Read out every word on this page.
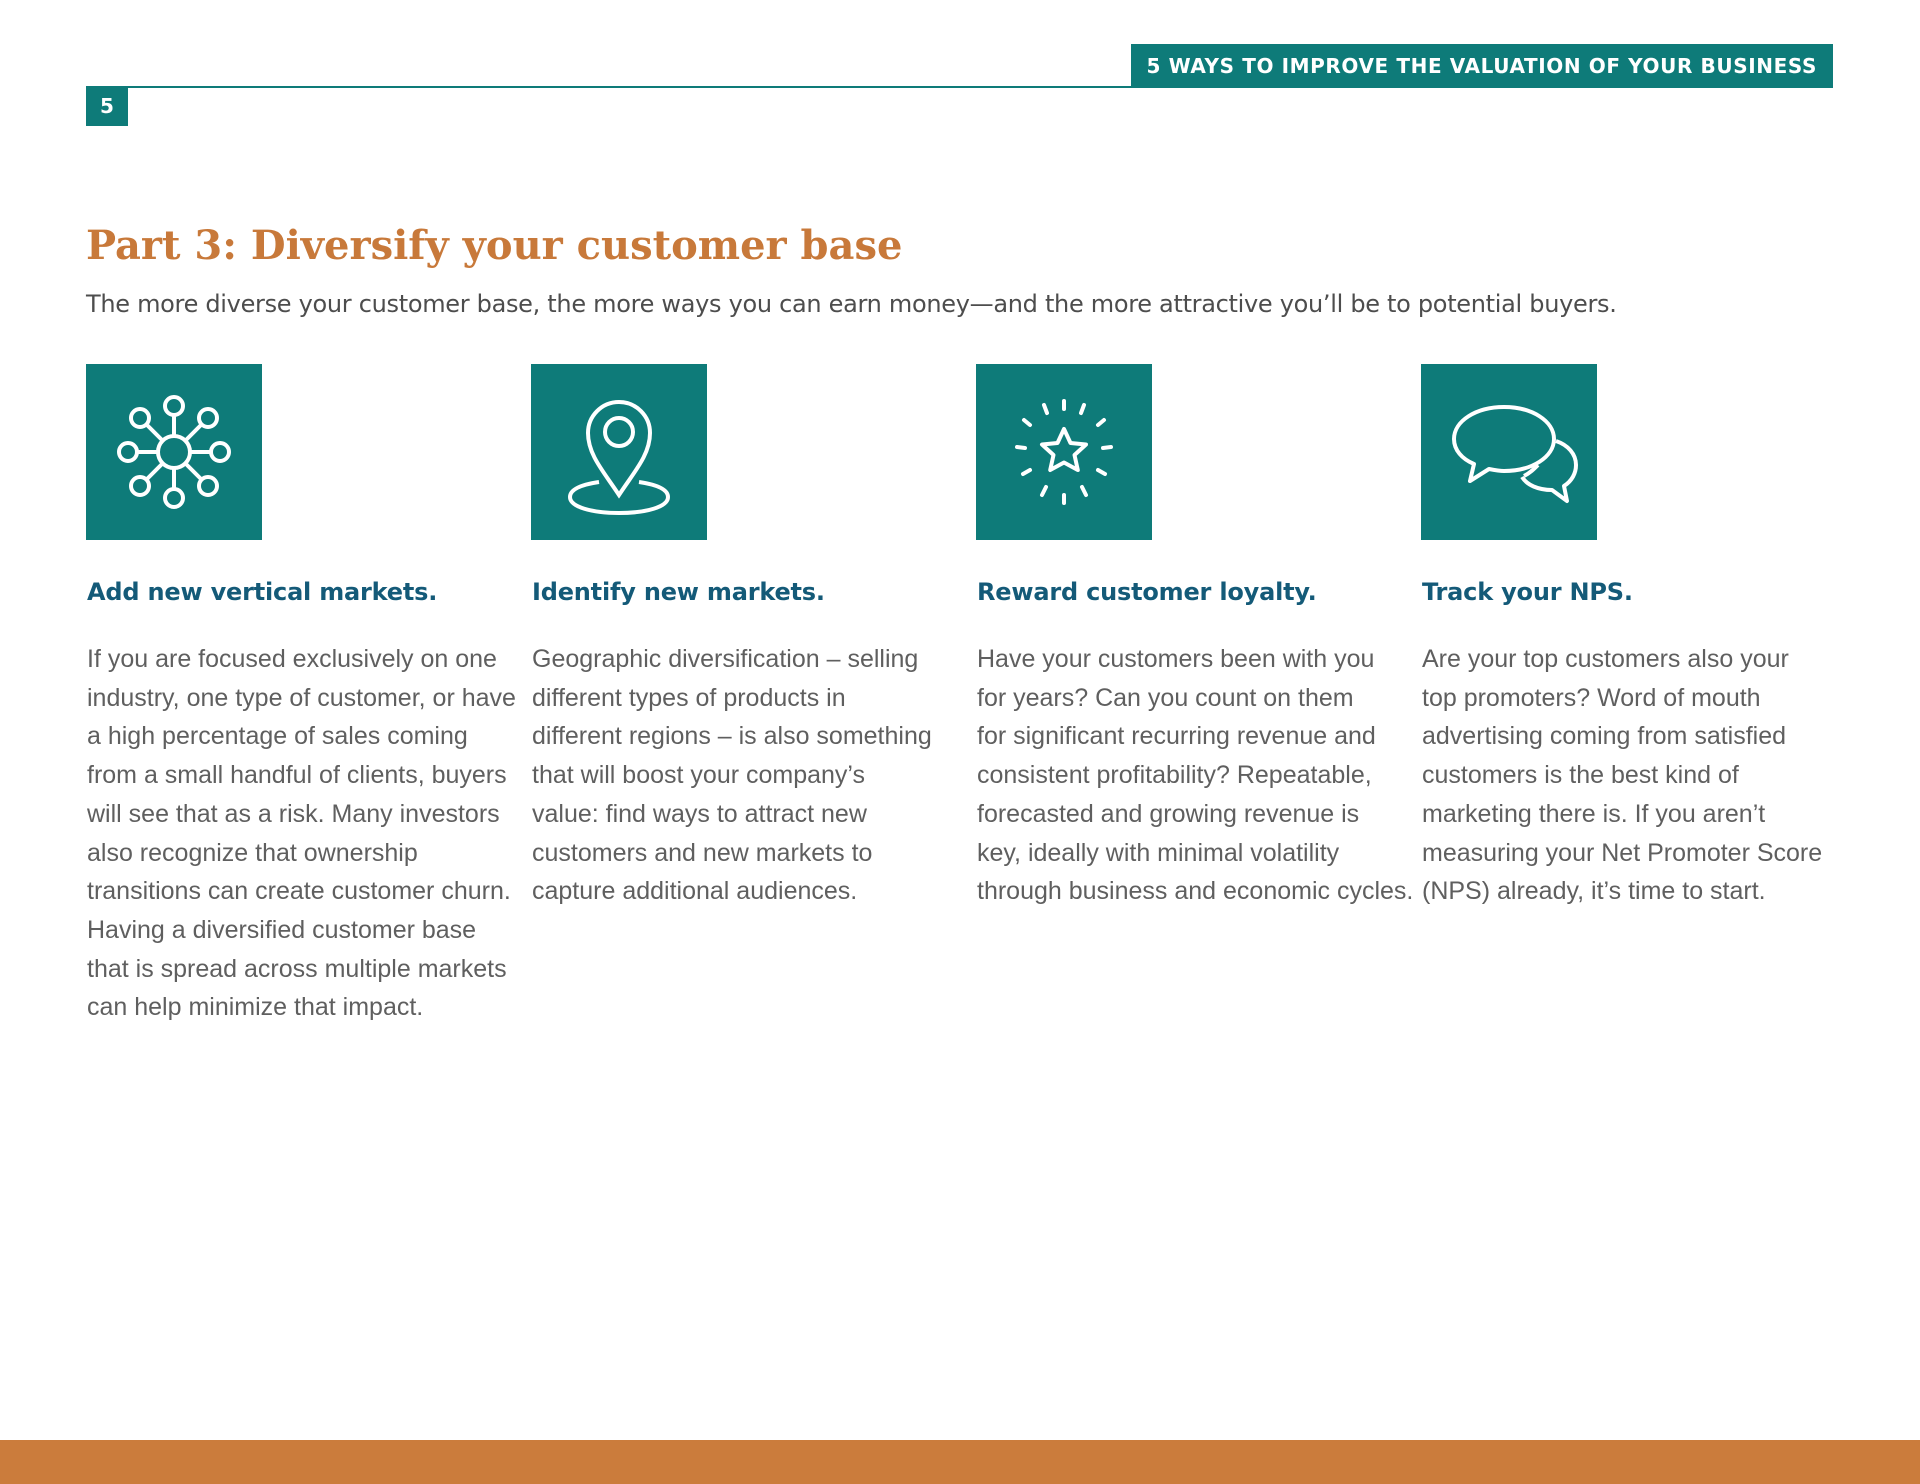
5 WAYS TO IMPROVE THE VALUATION OF YOUR BUSINESS
5
Part 3: Diversify your customer base

The more diverse your customer base, the more ways you can earn money—and the more attractive you’ll be to potential buyers.

Add new vertical markets.

If you are focused exclusively on one
industry, one type of customer, or have
a high percentage of sales coming
from a small handful of clients, buyers
will see that as a risk. Many investors
also recognize that ownership
transitions can create customer churn.
Having a diversified customer base
that is spread across multiple markets
can help minimize that impact.

Identify new markets.

Geographic diversification – selling
different types of products in
different regions – is also something
that will boost your company’s
value: find ways to attract new
customers and new markets to
capture additional audiences.

Reward customer loyalty.

Have your customers been with you
for years? Can you count on them
for significant recurring revenue and
consistent profitability? Repeatable,
forecasted and growing revenue is
key, ideally with minimal volatility
through business and economic cycles.

Track your NPS.

Are your top customers also your
top promoters? Word of mouth
advertising coming from satisfied
customers is the best kind of
marketing there is. If you aren’t
measuring your Net Promoter Score
(NPS) already, it’s time to start.
